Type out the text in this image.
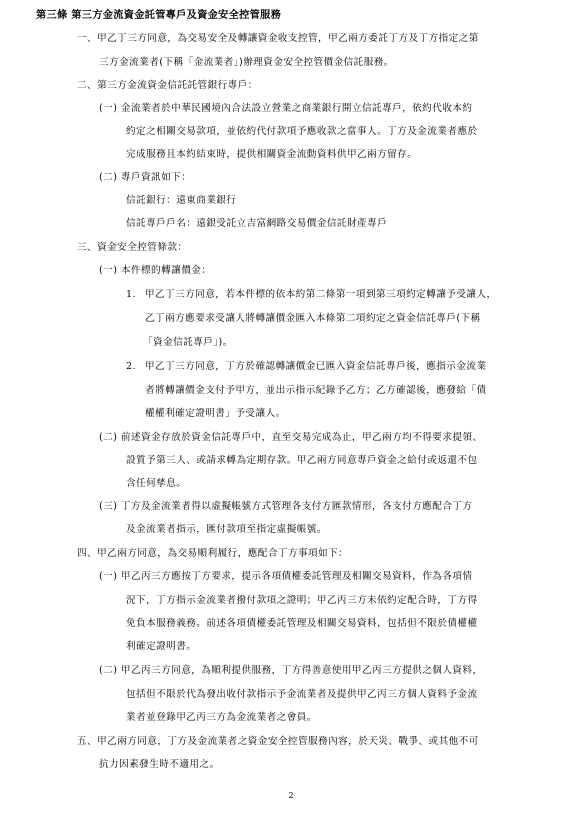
第三條 第三方金流資金託管專戶及資金安全控管服務
一、甲乙丁三方同意，為交易安全及轉讓資金收支控管，甲乙兩方委託丁方及丁方指定之第
三方金流業者(下稱「金流業者」)辦理資金安全控管價金信託服務。
二、第三方金流資金信託託管銀行專戶：
(一) 金流業者於中華民國境內合法設立營業之商業銀行開立信託專戶，依約代收本約
約定之相關交易款項，並依約代付款項予應收款之當事人。丁方及金流業者應於
完成服務且本約結束時，提供相關資金流動資料供甲乙兩方留存。
(二) 專戶資訊如下：
信託銀行：遠東商業銀行
信託專戶戶名：遠銀受託立吉富網路交易價金信託財產專戶
三、資金安全控管條款：
(一) 本件標的轉讓價金：
1. 甲乙丁三方同意，若本件標的依本約第二條第一項到第三項約定轉讓予受讓人，
乙丁兩方應要求受讓人將轉讓價金匯入本條第二項約定之資金信託專戶(下稱
「資金信託專戶」)。
2. 甲乙丁三方同意，丁方於確認轉讓價金已匯入資金信託專戶後，應指示金流業
者將轉讓價金支付予甲方，並出示指示紀錄予乙方；乙方確認後，應發給「債
權權利確定證明書」予受讓人。
(二) 前述資金存放於資金信託專戶中，直至交易完成為止，甲乙兩方均不得要求提領、
設質予第三人、或請求轉為定期存款。甲乙兩方同意專戶資金之給付或返還不包
含任何孳息。
(三) 丁方及金流業者得以虛擬帳號方式管理各支付方匯款情形，各支付方應配合丁方
及金流業者指示，匯付款項至指定虛擬帳號。
四、甲乙兩方同意，為交易順利履行，應配合丁方事項如下：
(一) 甲乙丙三方應按丁方要求，提示各項債權委託管理及相關交易資料，作為各項情
況下，丁方指示金流業者撥付款項之證明；甲乙丙三方未依約定配合時，丁方得
免負本服務義務。前述各項債權委託管理及相關交易資料，包括但不限於債權權
利確定證明書。
(二) 甲乙丙三方同意，為順利提供服務，丁方得善意使用甲乙丙三方提供之個人資料，
包括但不限於代為發出收付款指示予金流業者及提供甲乙丙三方個人資料予金流
業者並登錄甲乙丙三方為金流業者之會員。
五、甲乙兩方同意，丁方及金流業者之資金安全控管服務內容，於天災、戰爭、或其他不可
抗力因素發生時不適用之。
2
